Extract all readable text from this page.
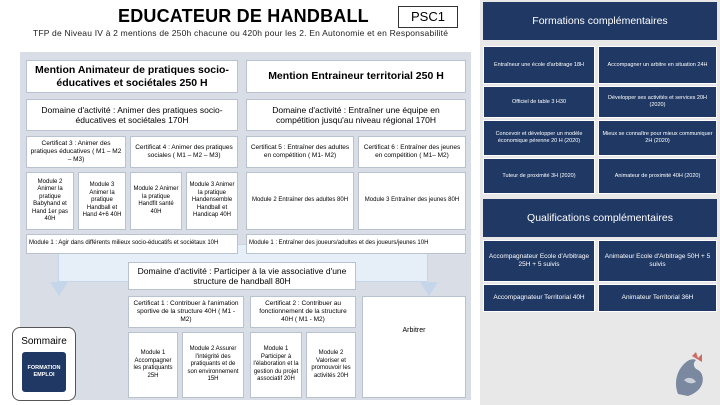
EDUCATEUR DE HANDBALL	PSC1
TFP de Niveau IV à 2 mentions de 250h chacune ou 420h pour les 2. En Autonomie et en Responsabilité
Mention Animateur de pratiques socio-éducatives et sociétales 250 H
Domaine d'activité : Animer des pratiques socio-éducatives et sociétales 170H
Certificat 3 : Animer des pratiques éducatives ( M1 – M2 – M3)
Certificat 4 : Animer des pratiques sociales ( M1 – M2 – M3)
Module 2 Animer la pratique Babyhand et Hand 1er pas 40H
Module 3 Animer la pratique Handball et Hand 4+6 40H
Module 2 Animer la pratique Handfit santé 40H
Module 3 Animer la pratique Handensemble Handball et Handicap 40H
Module 1 : Agir dans différents milieux socio-éducatifs et sociétaux 10H
Mention Entraineur territorial 250 H
Domaine d'activité : Entraîner une équipe en compétition jusqu'au niveau régional 170H
Certificat 5 : Entraîner des adultes en compétition ( M1- M2)
Certificat 6 : Entraîner des jeunes en compétition ( M1– M2)
Module 2 Entraîner des adultes 80H	Module 3 Entraîner des jeunes 80H
Module 1 : Entraîner des joueurs/adultes et des joueurs/jeunes 10H
Domaine d'activité : Participer à la vie associative d'une structure de handball 80H
Certificat 1 : Contribuer à l'animation sportive de la structure 40H ( M1 - M2)
Certificat 2 : Contribuer au fonctionnement de la structure 40H ( M1 - M2)
Module 1 Accompagner les pratiquants 25H
Module 2 Assurer l'intégrité des pratiquants et de son environnement 15H
Module 1 Participer à l'élaboration et la gestion du projet associatif 20H
Module 2 Valoriser et promouvoir les activités 20H
Arbitrer
Sommaire
FORMATION EMPLOI
Formations complémentaires
Entraîneur une école d'arbitrage 18H	Accompagner un arbitre en situation 24H
Officiel de table 3 H30
Développer ses activités et services 20H (2020)
Concevoir et développer un modèle économique pérenne 20 H (2020)
Mieux se connaître pour mieux communiquer 2H (2020)
Tuteur de proximité 3H (2020)	Animateur de proximité 40H (2020)
Qualifications complémentaires
Accompagnateur Ecole d'Arbitrage 25H + 5 suivis
Animateur Ecole d'Arbitrage 50H + 5 suivis
Accompagnateur Territorial 40H	Animateur Territorial 36H
